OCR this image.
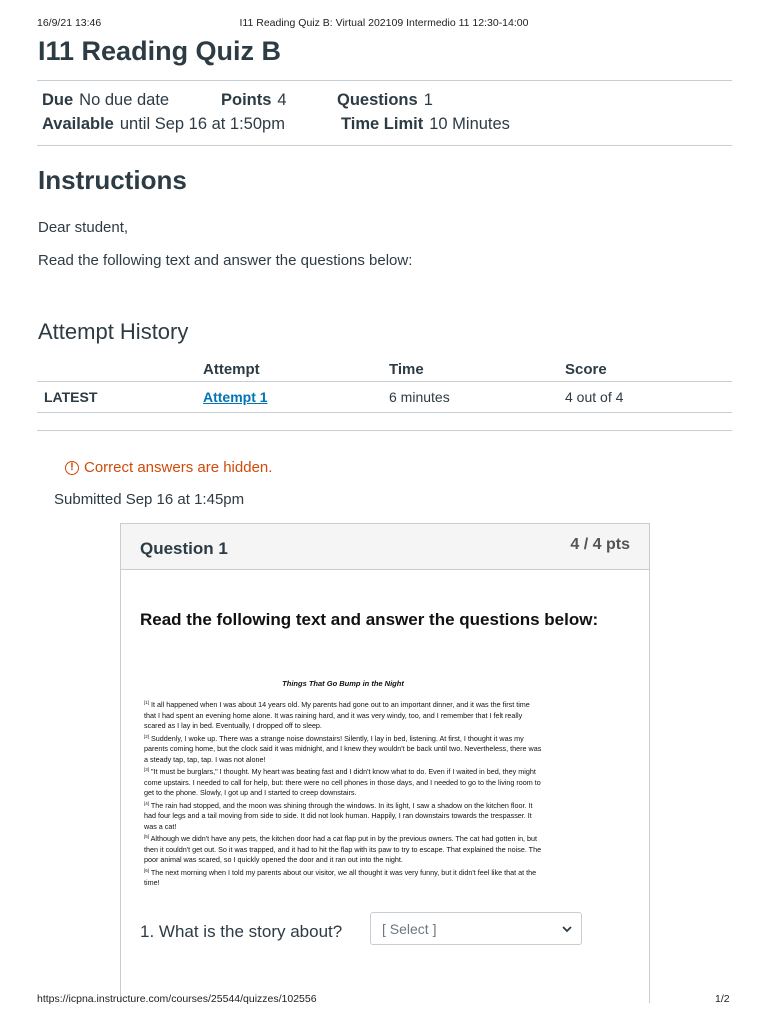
16/9/21 13:46	I11 Reading Quiz B: Virtual 202109 Intermedio 11 12:30-14:00
I11 Reading Quiz B
Due No due date	Points 4	Questions 1
Available until Sep 16 at 1:50pm	Time Limit 10 Minutes
Instructions

Dear student,

Read the following text and answer the questions below:

Attempt History
	Attempt	Time	Score
LATEST	Attempt 1	6 minutes	4 out of 4
! Correct answers are hidden.
Submitted Sep 16 at 1:45pm
Question 1	4 / 4 pts
Read the following text and answer the questions below:
Things That Go Bump in the Night

[1] It all happened when I was about 14 years old. My parents had gone out to an important dinner, and it was the first time that I had spent an evening home alone. It was raining hard, and it was very windy, too, and I remember that I felt really scared as I lay in bed. Eventually, I dropped off to sleep.

[2] Suddenly, I woke up. There was a strange noise downstairs! Silently, I lay in bed, listening. At first, I thought it was my parents coming home, but the clock said it was midnight, and I knew they wouldn't be back until two. Nevertheless, there was a steady tap, tap, tap. I was not alone!

[3] "It must be burglars," I thought. My heart was beating fast and I didn't know what to do. Even if I waited in bed, they might come upstairs. I needed to call for help, but: there were no cell phones in those days, and I needed to go to the living room to get to the phone. Slowly, I got up and I started to creep downstairs.

[4] The rain had stopped, and the moon was shining through the windows. In its light, I saw a shadow on the kitchen floor. It had four legs and a tail moving from side to side. It did not look human. Happily, I ran downstairs towards the trespasser. It was a cat!

[5] Although we didn't have any pets, the kitchen door had a cat flap put in by the previous owners. The cat had gotten in, but then it couldn't get out. So it was trapped, and it had to hit the flap with its paw to try to escape. That explained the noise. The poor animal was scared, so I quickly opened the door and it ran out into the night.

[6] The next morning when I told my parents about our visitor, we all thought it was very funny, but it didn't feel like that at the time!

1. What is the story about?	[ Select ]
https://icpna.instructure.com/courses/25544/quizzes/102556	1/2
